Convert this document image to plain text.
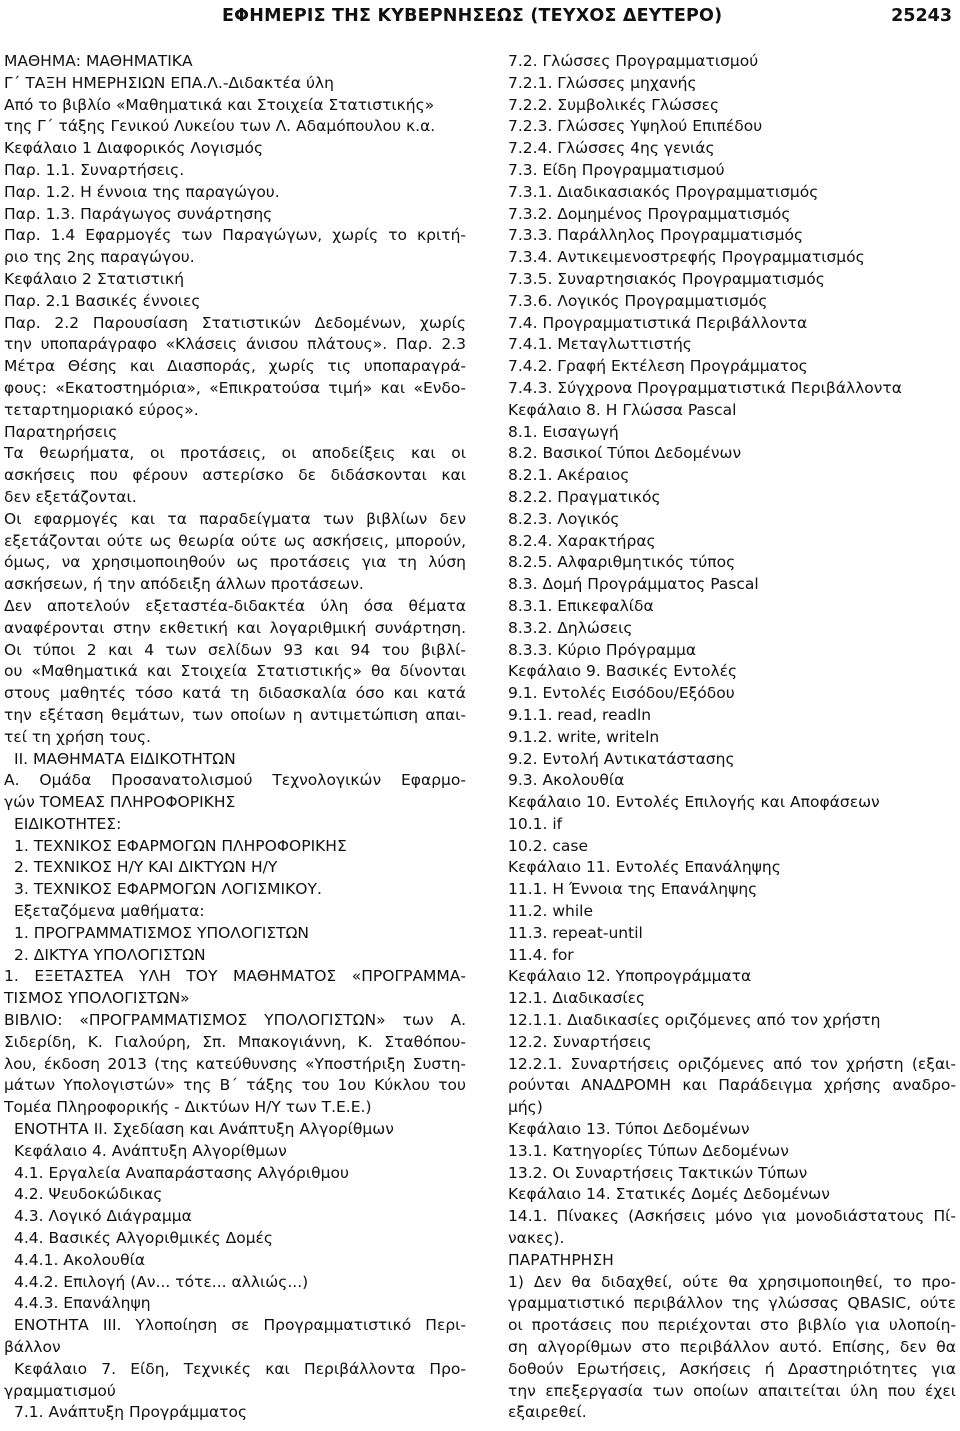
ΕΦΗΜΕΡΙΣ ΤΗΣ ΚΥΒΕΡΝΗΣΕΩΣ (ΤΕΥΧΟΣ ΔΕΥΤΕΡΟ)	25243

ΜΑΘΗΜΑ: ΜΑΘΗΜΑΤΙΚΑ

Γ΄ ΤΑΞΗ ΗΜΕΡΗΣΙΩΝ ΕΠΑ.Λ.-Διδακτέα ύλη

Από το βιβλίο «Μαθηματικά και Στοιχεία Στατιστικής»

της Γ΄ τάξης Γενικού Λυκείου των Λ. Αδαμόπουλου κ.α.

Κεφάλαιο 1 Διαφορικός Λογισμός

Παρ. 1.1. Συναρτήσεις.

Παρ. 1.2. Η έννοια της παραγώγου.

Παρ. 1.3. Παράγωγος συνάρτησης

Παρ. 1.4 Εφαρμογές των Παραγώγων, χωρίς το κριτή-

ριο της 2ης παραγώγου.

Κεφάλαιο 2 Στατιστική

Παρ. 2.1 Βασικές έννοιες

Παρ. 2.2 Παρουσίαση Στατιστικών Δεδομένων, χωρίς

την υποπαράγραφο «Κλάσεις άνισου πλάτους». Παρ. 2.3

Μέτρα Θέσης και Διασποράς, χωρίς τις υποπαραγρά-

φους: «Εκατοστημόρια», «Επικρατούσα τιμή» και «Ενδο-

τεταρτημοριακό εύρος».

Παρατηρήσεις

Τα θεωρήματα, οι προτάσεις, οι αποδείξεις και οι

ασκήσεις που φέρουν αστερίσκο δε διδάσκονται και

δεν εξετάζονται.

Οι εφαρμογές και τα παραδείγματα των βιβλίων δεν

εξετάζονται ούτε ως θεωρία ούτε ως ασκήσεις, μπορούν,

όμως, να χρησιμοποιηθούν ως προτάσεις για τη λύση

ασκήσεων, ή την απόδειξη άλλων προτάσεων.

Δεν αποτελούν εξεταστέα-διδακτέα ύλη όσα θέματα

αναφέρονται στην εκθετική και λογαριθμική συνάρτηση.

Οι τύποι 2 και 4 των σελίδων 93 και 94 του βιβλί-

ου «Μαθηματικά και Στοιχεία Στατιστικής» θα δίνονται

στους μαθητές τόσο κατά τη διδασκαλία όσο και κατά

την εξέταση θεμάτων, των οποίων η αντιμετώπιση απαι-

τεί τη χρήση τους.

ΙΙ. ΜΑΘΗΜΑΤΑ ΕΙΔΙΚΟΤΗΤΩΝ

Α. Ομάδα Προσανατολισμού Τεχνολογικών Εφαρμο-

γών ΤΟΜΕΑΣ ΠΛΗΡΟΦΟΡΙΚΗΣ

ΕΙΔΙΚΟΤΗΤΕΣ:

1. ΤΕΧΝΙΚΟΣ ΕΦΑΡΜΟΓΩΝ ΠΛΗΡΟΦΟΡΙΚΗΣ

2. ΤΕΧΝΙΚΟΣ Η/Υ ΚΑΙ ΔΙΚΤΥΩΝ Η/Υ

3. ΤΕΧΝΙΚΟΣ ΕΦΑΡΜΟΓΩΝ ΛΟΓΙΣΜΙΚΟΥ.

Εξεταζόμενα μαθήματα:

1. ΠΡΟΓΡΑΜΜΑΤΙΣΜΟΣ ΥΠΟΛΟΓΙΣΤΩΝ

2. ΔΙΚΤΥΑ ΥΠΟΛΟΓΙΣΤΩΝ

1. ΕΞΕΤΑΣΤΕΑ ΥΛΗ ΤΟΥ ΜΑΘΗΜΑΤΟΣ «ΠΡΟΓΡΑΜΜΑ-

ΤΙΣΜΟΣ ΥΠΟΛΟΓΙΣΤΩΝ»

ΒΙΒΛΙΟ: «ΠΡΟΓΡΑΜΜΑΤΙΣΜΟΣ ΥΠΟΛΟΓΙΣΤΩΝ» των Α.

Σιδερίδη, Κ. Γιαλούρη, Σπ. Μπακογιάννη, Κ. Σταθόπου-

λου, έκδοση 2013 (της κατεύθυνσης «Υποστήριξη Συστη-

μάτων Υπολογιστών» της Β΄ τάξης του 1ου Κύκλου του

Τομέα Πληροφορικής - Δικτύων Η/Υ των Τ.Ε.Ε.)

ΕΝΟΤΗΤΑ ΙΙ. Σχεδίαση και Ανάπτυξη Αλγορίθμων

Κεφάλαιο 4. Ανάπτυξη Αλγορίθμων

4.1. Εργαλεία Αναπαράστασης Αλγόριθμου

4.2. Ψευδοκώδικας

4.3. Λογικό Διάγραμμα

4.4. Βασικές Αλγοριθμικές Δομές

4.4.1. Ακολουθία

4.4.2. Επιλογή (Αν... τότε... αλλιώς...)

4.4.3. Επανάληψη

ΕΝΟΤΗΤΑ ΙΙΙ. Υλοποίηση σε Προγραμματιστικό Περι-

βάλλον

Κεφάλαιο 7. Είδη, Τεχνικές και Περιβάλλοντα Προ-

γραμματισμού

7.1. Ανάπτυξη Προγράμματος

7.2. Γλώσσες Προγραμματισμού

7.2.1. Γλώσσες μηχανής

7.2.2. Συμβολικές Γλώσσες

7.2.3. Γλώσσες Υψηλού Επιπέδου

7.2.4. Γλώσσες 4ης γενιάς

7.3. Είδη Προγραμματισμού

7.3.1. Διαδικασιακός Προγραμματισμός

7.3.2. Δομημένος Προγραμματισμός

7.3.3. Παράλληλος Προγραμματισμός

7.3.4. Αντικειμενοστρεφής Προγραμματισμός

7.3.5. Συναρτησιακός Προγραμματισμός

7.3.6. Λογικός Προγραμματισμός

7.4. Προγραμματιστικά Περιβάλλοντα

7.4.1. Μεταγλωττιστής

7.4.2. Γραφή Εκτέλεση Προγράμματος

7.4.3. Σύγχρονα Προγραμματιστικά Περιβάλλοντα

Κεφάλαιο 8. Η Γλώσσα Pascal

8.1. Εισαγωγή

8.2. Βασικοί Τύποι Δεδομένων

8.2.1. Ακέραιος

8.2.2. Πραγματικός

8.2.3. Λογικός

8.2.4. Χαρακτήρας

8.2.5. Αλφαριθμητικός τύπος

8.3. Δομή Προγράμματος Pascal

8.3.1. Επικεφαλίδα

8.3.2. Δηλώσεις

8.3.3. Κύριο Πρόγραμμα

Κεφάλαιο 9. Βασικές Εντολές

9.1. Εντολές Εισόδου/Εξόδου

9.1.1. read, readln

9.1.2. write, writeln

9.2. Εντολή Αντικατάστασης

9.3. Ακολουθία

Κεφάλαιο 10. Εντολές Επιλογής και Αποφάσεων

10.1. if

10.2. case

Κεφάλαιο 11. Εντολές Επανάληψης

11.1. Η Έννοια της Επανάληψης

11.2. while

11.3. repeat-until

11.4. for

Κεφάλαιο 12. Υποπρογράμματα

12.1. Διαδικασίες

12.1.1. Διαδικασίες οριζόμενες από τον χρήστη

12.2. Συναρτήσεις

12.2.1. Συναρτήσεις οριζόμενες από τον χρήστη (εξαι-

ρούνται ΑΝΑΔΡΟΜΗ και Παράδειγμα χρήσης αναδρο-

μής)

Κεφάλαιο 13. Τύποι Δεδομένων

13.1. Κατηγορίες Τύπων Δεδομένων

13.2. Οι Συναρτήσεις Τακτικών Τύπων

Κεφάλαιο 14. Στατικές Δομές Δεδομένων

14.1. Πίνακες (Ασκήσεις μόνο για μονοδιάστατους Πί-

νακες).

ΠΑΡΑΤΗΡΗΣΗ

1) Δεν θα διδαχθεί, ούτε θα χρησιμοποιηθεί, το προ-

γραμματιστικό περιβάλλον της γλώσσας QBASIC, ούτε

οι προτάσεις που περιέχονται στο βιβλίο για υλοποίη-

ση αλγορίθμων στο περιβάλλον αυτό. Επίσης, δεν θα

δοθούν Ερωτήσεις, Ασκήσεις ή Δραστηριότητες για

την επεξεργασία των οποίων απαιτείται ύλη που έχει

εξαιρεθεί.
